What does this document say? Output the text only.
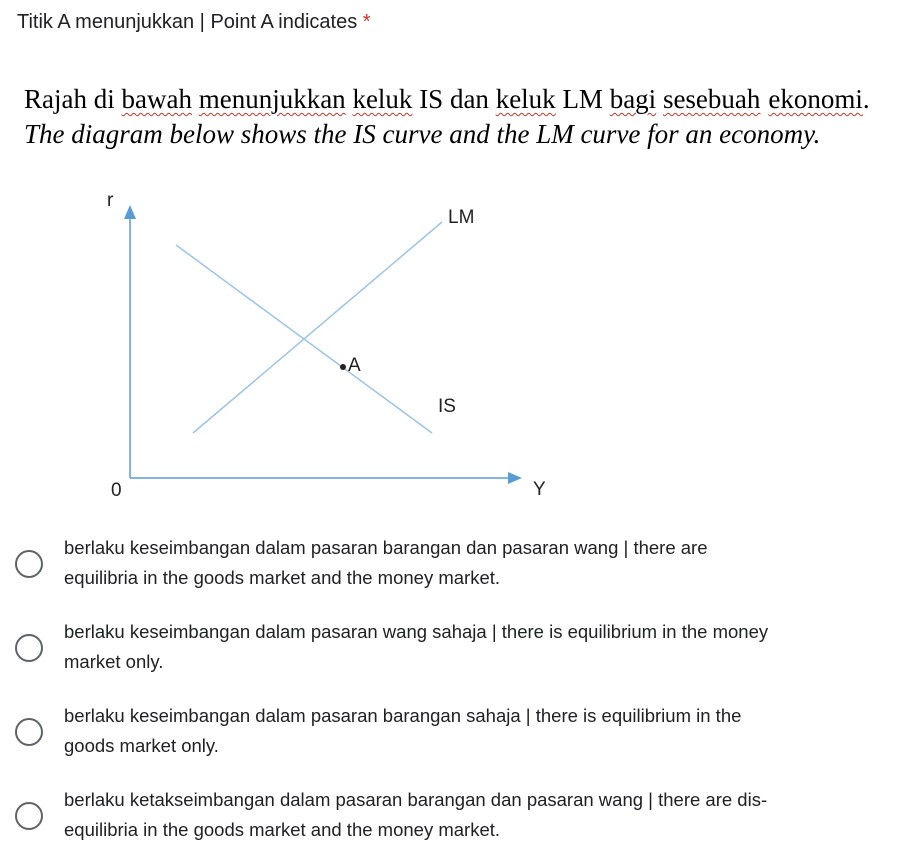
Titik A menunjukkan | Point A indicates *
Rajah di bawah menunjukkan keluk IS dan keluk LM bagi sesebuah ekonomi.
The diagram below shows the IS curve and the LM curve for an economy.
r
Y
0
LM
IS
A
berlaku keseimbangan dalam pasaran barangan dan pasaran wang | there are
equilibria in the goods market and the money market.
berlaku keseimbangan dalam pasaran wang sahaja | there is equilibrium in the money
market only.
berlaku keseimbangan dalam pasaran barangan sahaja | there is equilibrium in the
goods market only.
berlaku ketakseimbangan dalam pasaran barangan dan pasaran wang | there are dis-
equilibria in the goods market and the money market.
